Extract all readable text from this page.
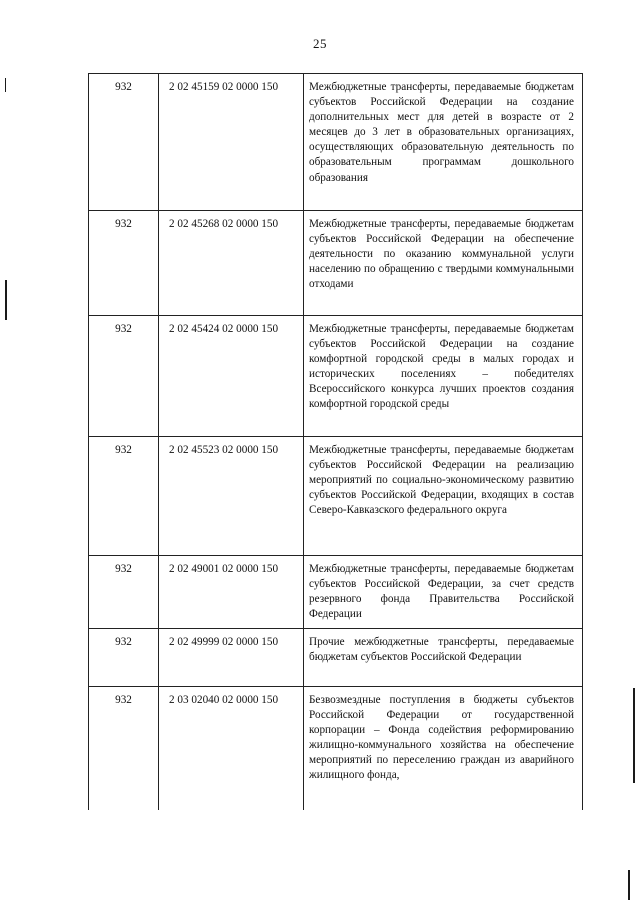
25
932	2 02 45159 02 0000 150	Межбюджетные трансферты, передаваемые бюджетам субъектов Российской Федерации на создание дополнительных мест для детей в возрасте от 2 месяцев до 3 лет в образовательных организациях, осуществляющих образовательную деятельность по образовательным программам дошкольного образования
932	2 02 45268 02 0000 150	Межбюджетные трансферты, передаваемые бюджетам субъектов Российской Федерации на обеспечение деятельности по оказанию коммунальной услуги населению по обращению с твердыми коммунальными отходами
932	2 02 45424 02 0000 150	Межбюджетные трансферты, передаваемые бюджетам субъектов Российской Федерации на создание комфортной городской среды в малых городах и исторических поселениях – победителях Всероссийского конкурса лучших проектов создания комфортной городской среды
932	2 02 45523 02 0000 150	Межбюджетные трансферты, передаваемые бюджетам субъектов Российской Федерации на реализацию мероприятий по социально-экономическому развитию субъектов Российской Федерации, входящих в состав Северо-Кавказского федерального округа
932	2 02 49001 02 0000 150	Межбюджетные трансферты, передаваемые бюджетам субъектов Российской Федерации, за счет средств резервного фонда Правительства Российской Федерации
932	2 02 49999 02 0000 150	Прочие межбюджетные трансферты, передаваемые бюджетам субъектов Российской Федерации
932	2 03 02040 02 0000 150	Безвозмездные поступления в бюджеты субъектов Российской Федерации от государственной корпорации – Фонда содействия реформированию жилищно-коммунального хозяйства на обеспечение мероприятий по переселению граждан из аварийного жилищного фонда,
